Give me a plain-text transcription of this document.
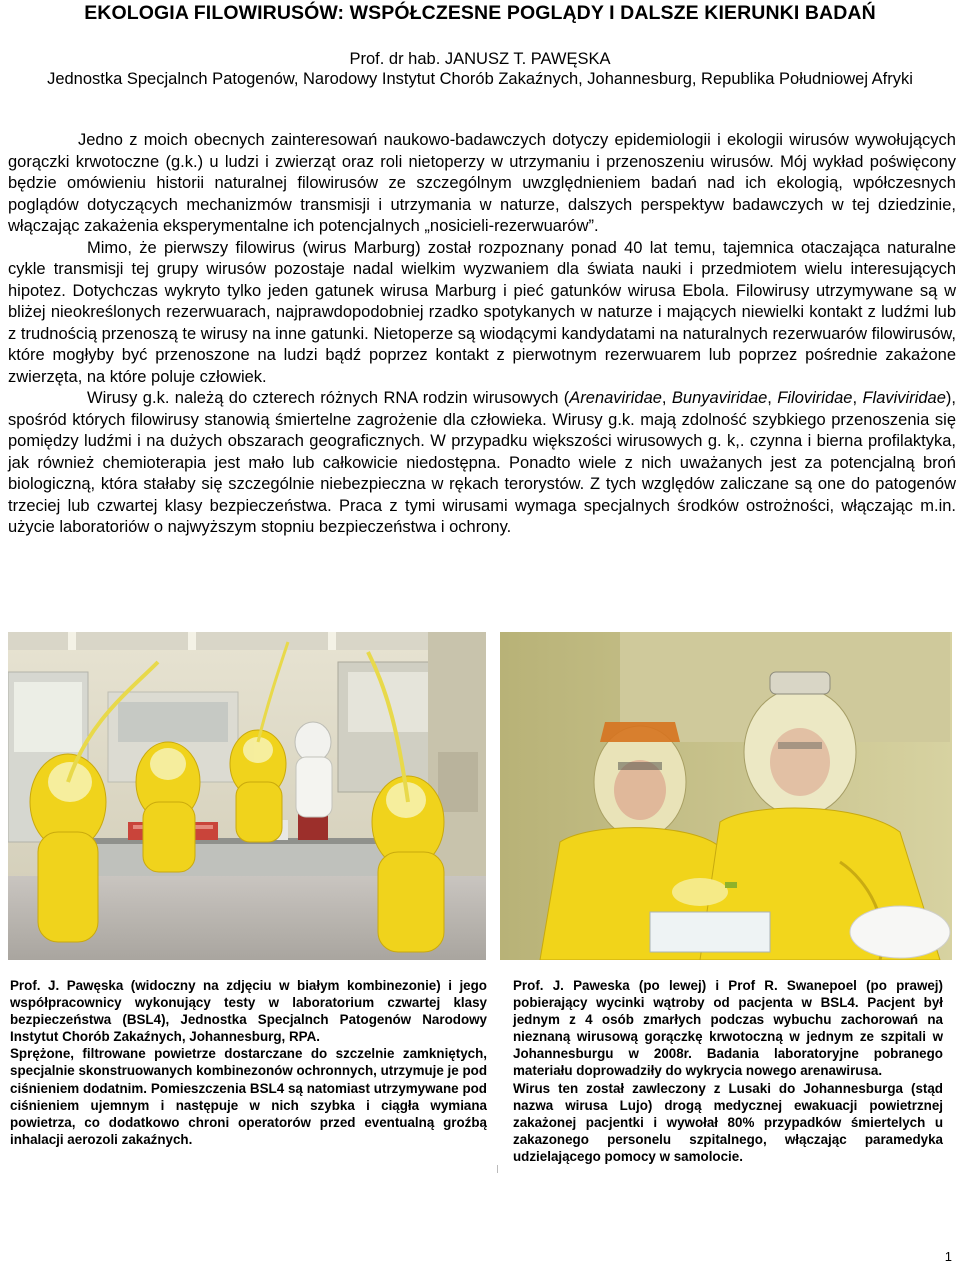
EKOLOGIA FILOWIRUSÓW: WSPÓŁCZESNE POGLĄDY I DALSZE KIERUNKI BADAŃ
Prof. dr hab. JANUSZ T. PAWĘSKA
Jednostka Specjalnch Patogenów, Narodowy Instytut Chorób Zakaźnych, Johannesburg, Republika Południowej Afryki

Jedno z moich obecnych zainteresowań naukowo-badawczych dotyczy epidemiologii i ekologii wirusów wywołujących gorączki krwotoczne (g.k.) u ludzi i zwierząt oraz roli nietoperzy w utrzymaniu i przenoszeniu wirusów. Mój wykład poświęcony będzie omówieniu historii naturalnej filowirusów ze szczególnym uwzględnieniem badań nad ich ekologią, wpółczesnych poglądów dotyczących mechanizmów transmisji i utrzymania w naturze, dalszych perspektyw badawczych w tej dziedzinie, włączając zakażenia eksperymentalne ich potencjalnych „nosicieli-rezerwuarów”.

Mimo, że pierwszy filowirus (wirus Marburg) został rozpoznany ponad 40 lat temu, tajemnica otaczająca naturalne cykle transmisji tej grupy wirusów pozostaje nadal wielkim wyzwaniem dla świata nauki i przedmiotem wielu interesujących hipotez. Dotychczas wykryto tylko jeden gatunek wirusa Marburg i pieć gatunków wirusa Ebola. Filowirusy utrzymywane są w bliżej nieokreślonych rezerwuarach, najprawdopodobniej rzadko spotykanych w naturze i mających niewielki kontakt z ludźmi lub z trudnością przenoszą te wirusy na inne gatunki. Nietoperze są wiodącymi kandydatami na naturalnych rezerwuarów filowirusów, które mogłyby być przenoszone na ludzi bądź poprzez kontakt z pierwotnym rezerwuarem lub poprzez pośrednie zakażone zwierzęta, na które poluje człowiek.

Wirusy g.k. należą do czterech różnych RNA rodzin wirusowych (Arenaviridae, Bunyaviridae, Filoviridae, Flaviviridae), spośród których filowirusy stanowią śmiertelne zagrożenie dla człowieka. Wirusy g.k. mają zdolność szybkiego przenoszenia się pomiędzy ludźmi i na dużych obszarach geograficznych. W przypadku większości wirusowych g. k,. czynna i bierna profilaktyka, jak również chemioterapia jest mało lub całkowicie niedostępna. Ponadto wiele z nich uważanych jest za potencjalną broń biologiczną, która stałaby się szczególnie niebezpieczna w rękach terorystów. Z tych względów zaliczane są one do patogenów trzeciej lub czwartej klasy bezpieczeństwa. Praca z tymi wirusami wymaga specjalnych środków ostrożności, włączając m.in. użycie laboratoriów o najwyższym stopniu bezpieczeństwa i ochrony.

Prof. J. Pawęska (widoczny na zdjęciu w białym kombinezonie) i jego współpracownicy wykonujący testy w laboratorium czwartej klasy bezpieczeństwa (BSL4), Jednostka Specjalnch Patogenów Narodowy Instytut Chorób Zakaźnych, Johannesburg, RPA.

Sprężone, filtrowane powietrze dostarczane do szczelnie zamkniętych, specjalnie skonstruowanych kombinezonów ochronnych, utrzymuje je pod ciśnieniem dodatnim. Pomieszczenia BSL4 są natomiast utrzymywane pod ciśnieniem ujemnym i następuje w nich szybka i ciągła wymiana powietrza, co dodatkowo chroni operatorów przed eventualną groźbą inhalacji aerozoli zakaźnych.

Prof. J. Paweska (po lewej) i Prof R. Swanepoel (po prawej) pobierający wycinki wątroby od pacjenta w BSL4. Pacjent był jednym z 4 osób zmarłych podczas wybuchu zachorowań na nieznaną wirusową gorączkę krwotoczną w jednym ze szpitali w Johannesburgu w 2008r. Badania laboratoryjne pobranego materiału doprowadziły do wykrycia nowego arenawirusa.

Wirus ten został zawleczony z Lusaki do Johannesburga (stąd nazwa wirusa Lujo) drogą medycznej ewakuacji powietrznej zakażonej pacjentki i wywołał 80% przypadków śmiertelych u zakazonego personelu szpitalnego, włączając paramedyka udzielającego pomocy w samolocie.

1
